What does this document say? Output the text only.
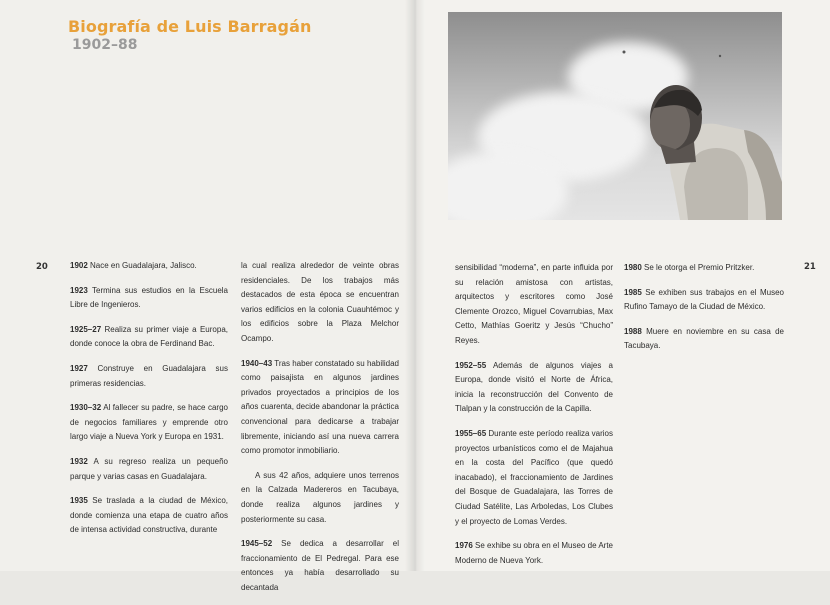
Biografía de Luis Barragán
1902–88
20	21

1902 Nace en Guadalajara, Jalisco.

1923 Termina sus estudios en la Escuela Libre de Ingenieros.

1925–27 Realiza su primer viaje a Europa, donde conoce la obra de Ferdinand Bac.

1927 Construye en Guadalajara sus primeras residencias.

1930–32 Al fallecer su padre, se hace cargo de negocios familiares y emprende otro largo viaje a Nueva York y Europa en 1931.

1932 A su regreso realiza un pequeño parque y varias casas en Guadalajara.

1935 Se traslada a la ciudad de México, donde comienza una etapa de cuatro años de intensa actividad constructiva, durante

la cual realiza alrededor de veinte obras residenciales. De los trabajos más destacados de esta época se encuentran varios edificios en la colonia Cuauhtémoc y los edificios sobre la Plaza Melchor Ocampo.

1940–43 Tras haber constatado su habilidad como paisajista en algunos jardines privados proyectados a principios de los años cuarenta, decide abandonar la práctica convencional para dedicarse a trabajar libremente, iniciando así una nueva carrera como promotor inmobiliario.

A sus 42 años, adquiere unos terrenos en la Calzada Madereros en Tacubaya, donde realiza algunos jardines y posteriormente su casa.

1945–52 Se dedica a desarrollar el fraccionamiento de El Pedregal. Para ese entonces ya había desarrollado su decantada

sensibilidad “moderna”, en parte influida por su relación amistosa con artistas, arquitectos y escritores como José Clemente Orozco, Miguel Covarrubias, Max Cetto, Mathías Goeritz y Jesús “Chucho” Reyes.

1952–55 Además de algunos viajes a Europa, donde visitó el Norte de África, inicia la reconstrucción del Convento de Tlalpan y la construcción de la Capilla.

1955–65 Durante este período realiza varios proyectos urbanísticos como el de Majahua en la costa del Pacífico (que quedó inacabado), el fraccionamiento de Jardines del Bosque de Guadalajara, las Torres de Ciudad Satélite, Las Arboledas, Los Clubes y el proyecto de Lomas Verdes.

1976 Se exhibe su obra en el Museo de Arte Moderno de Nueva York.

1980 Se le otorga el Premio Pritzker.

1985 Se exhiben sus trabajos en el Museo Rufino Tamayo de la Ciudad de México.

1988 Muere en noviembre en su casa de Tacubaya.
